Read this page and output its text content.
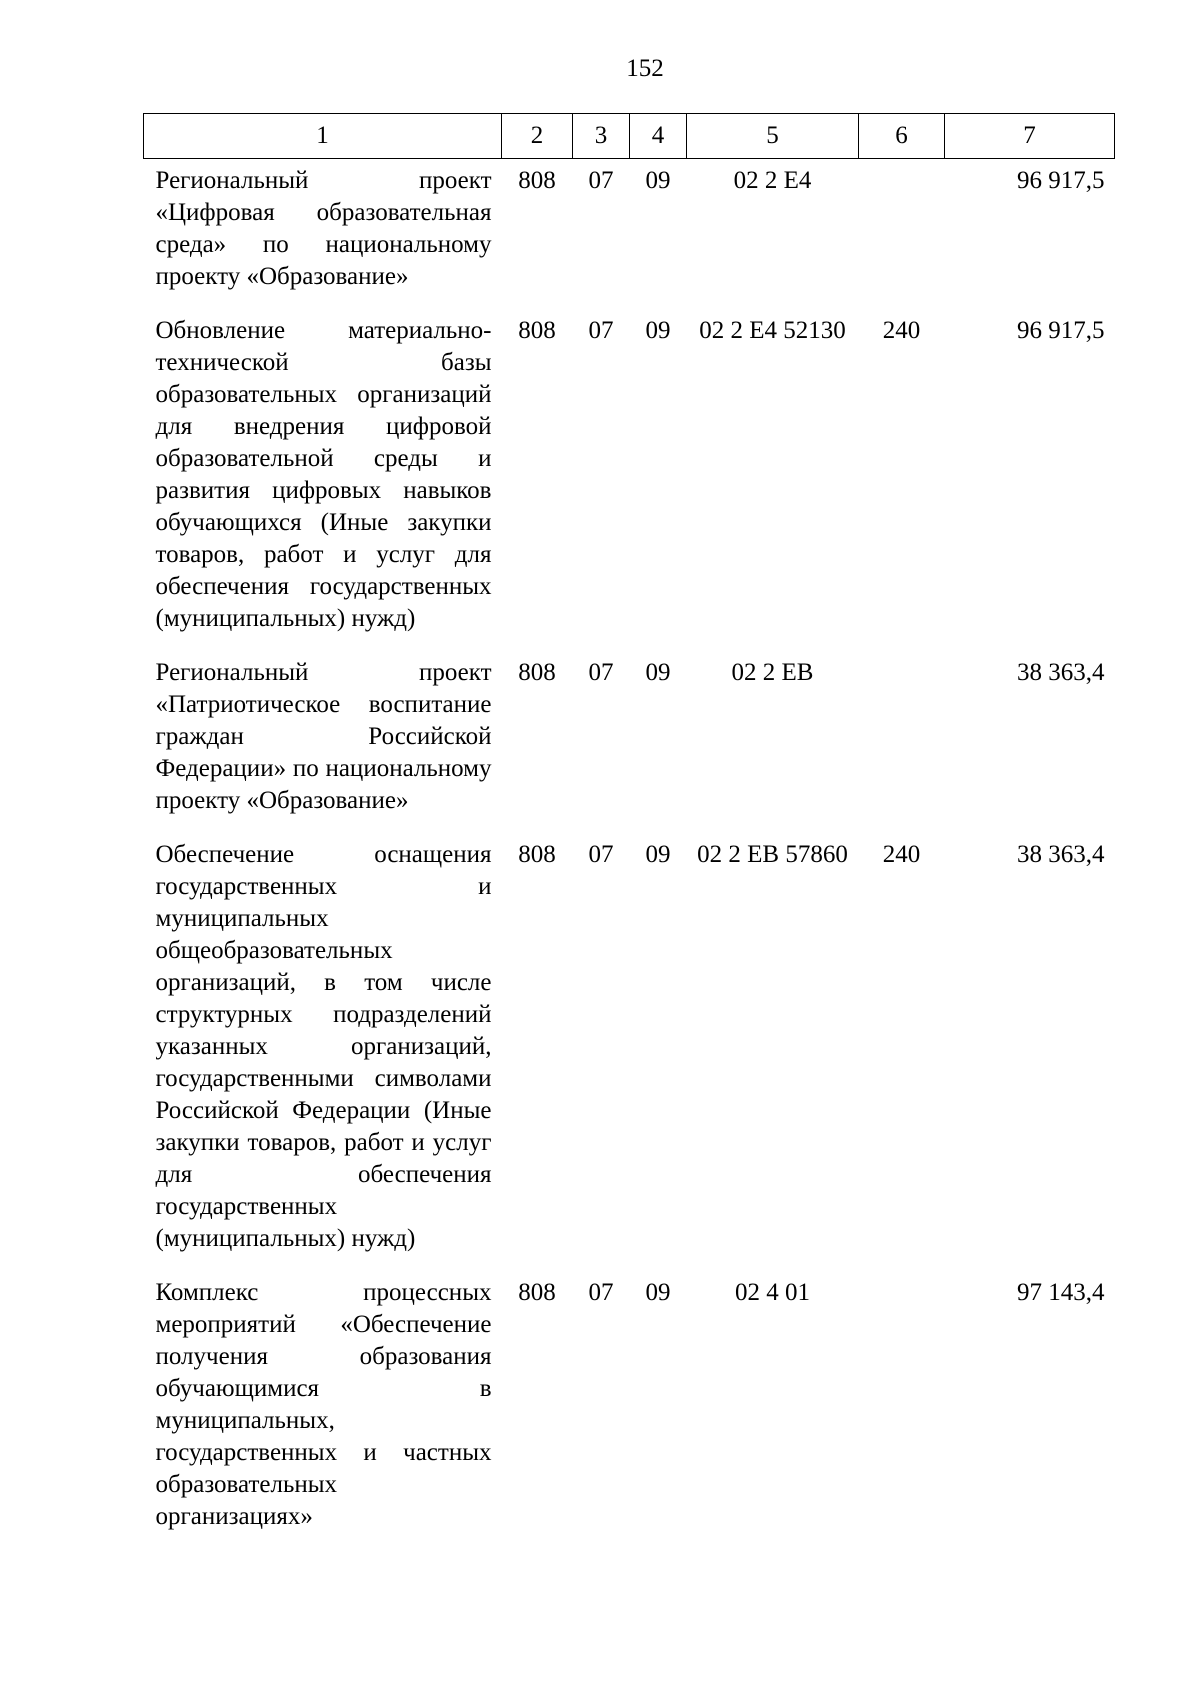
152
1	2	3	4	5	6	7
Региональный проект «Цифровая образовательная среда» по национальному проекту «Образование»	808	07	09	02 2 Е4		96 917,5
Обновление материально-технической базы образовательных организаций для внедрения цифровой образовательной среды и развития цифровых навыков обучающихся (Иные закупки товаров, работ и услуг для обеспечения государственных (муниципальных) нужд)	808	07	09	02 2 Е4 52130	240	96 917,5
Региональный проект «Патриотическое воспитание граждан Российской Федерации» по национальному проекту «Образование»	808	07	09	02 2 ЕВ		38 363,4
Обеспечение оснащения государственных и муниципальных общеобразовательных организаций, в том числе структурных подразделений указанных организаций, государственными символами Российской Федерации (Иные закупки товаров, работ и услуг для обеспечения государственных (муниципальных) нужд)	808	07	09	02 2 ЕВ 57860	240	38 363,4
Комплекс процессных мероприятий «Обеспечение получения образования обучающимися в муниципальных, государственных и частных образовательных организациях»	808	07	09	02 4 01		97 143,4
